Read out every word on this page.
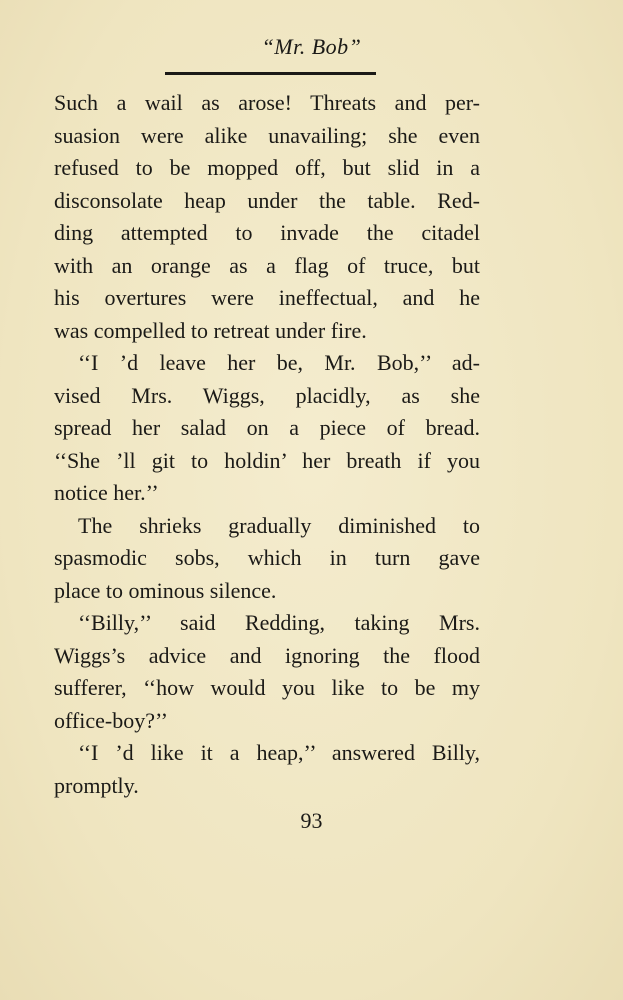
“Mr. Bob”
Such a wail as arose! Threats and per-
suasion were alike unavailing; she even
refused to be mopped off, but slid in a
disconsolate heap under the table. Red-
ding attempted to invade the citadel
with an orange as a flag of truce, but
his overtures were ineffectual, and he
was compelled to retreat under fire.
‘‘I ’d leave her be, Mr. Bob,’’ ad-
vised Mrs. Wiggs, placidly, as she
spread her salad on a piece of bread.
‘‘She ’ll git to holdin’ her breath if you
notice her.’’
The shrieks gradually diminished to
spasmodic sobs, which in turn gave
place to ominous silence.
‘‘Billy,’’ said Redding, taking Mrs.
Wiggs’s advice and ignoring the flood
sufferer, ‘‘how would you like to be my
office-boy?’’
‘‘I ’d like it a heap,’’ answered Billy,
promptly.
93
